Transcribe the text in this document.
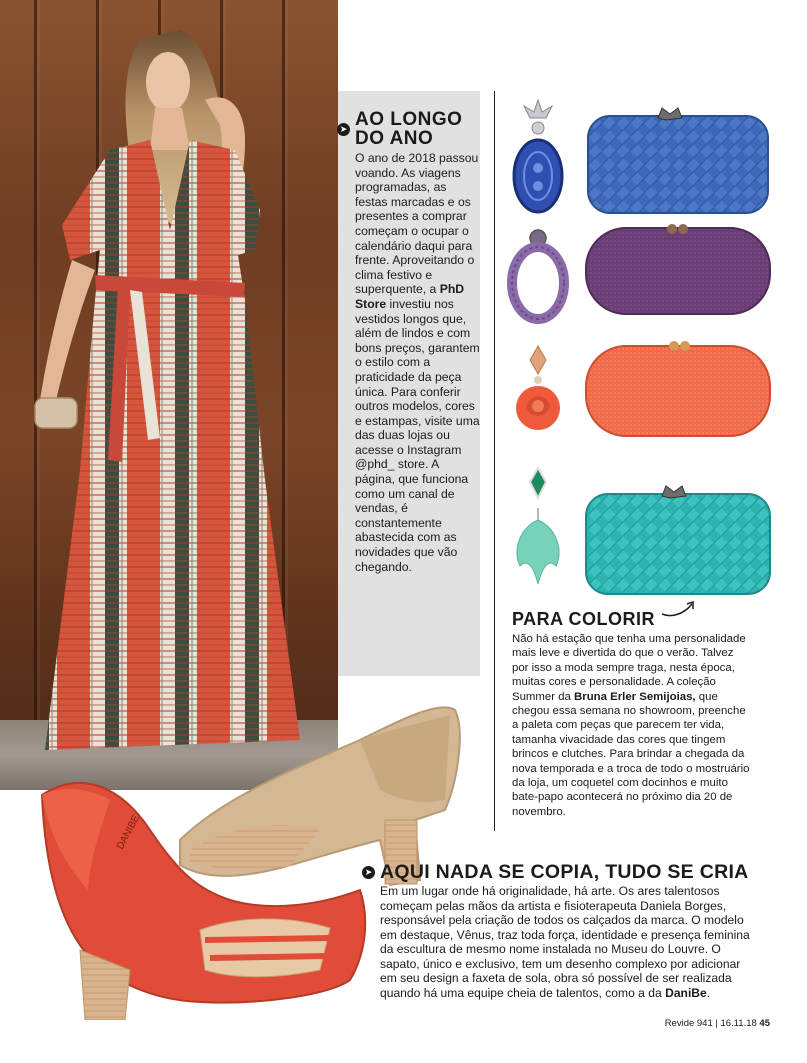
➤ AO LONGO DO ANO
O ano de 2018 passou voando. As viagens programadas, as festas marcadas e os presentes a comprar começam o ocupar o calendário daqui para frente. Aproveitando o clima festivo e superquente, a PhD Store investiu nos vestidos longos que, além de lindos e com bons preços, garantem o estilo com a praticidade da peça única. Para conferir outros modelos, cores e estampas, visite uma das duas lojas ou acesse o Instagram @phd_ store. A página, que funciona como um canal de vendas, é constantemente abastecida com as novidades que vão chegando.
PARA COLORIR
Não há estação que tenha uma personalidade mais leve e divertida do que o verão. Talvez por isso a moda sempre traga, nesta época, muitas cores e personalidade. A coleção Summer da Bruna Erler Semijoias, que chegou essa semana no showroom, preenche a paleta com peças que parecem ter vida, tamanha vivacidade das cores que tingem brincos e clutches. Para brindar a chegada da nova temporada e a troca de todo o mostruário da loja, um coquetel com docinhos e muito bate-papo acontecerá no próximo dia 20 de novembro.
DANIBE
➤ AQUI NADA SE COPIA, TUDO SE CRIA
Em um lugar onde há originalidade, há arte. Os ares talentosos começam pelas mãos da artista e fisioterapeuta Daniela Borges, responsável pela criação de todos os calçados da marca. O modelo em destaque, Vênus, traz toda força, identidade e presença feminina da escultura de mesmo nome instalada no Museu do Louvre. O sapato, único e exclusivo, tem um desenho complexo por adicionar em seu design a faxeta de sola, obra só possível de ser realizada quando há uma equipe cheia de talentos, como a da DaniBe.
Revide 941 | 16.11.18 45
